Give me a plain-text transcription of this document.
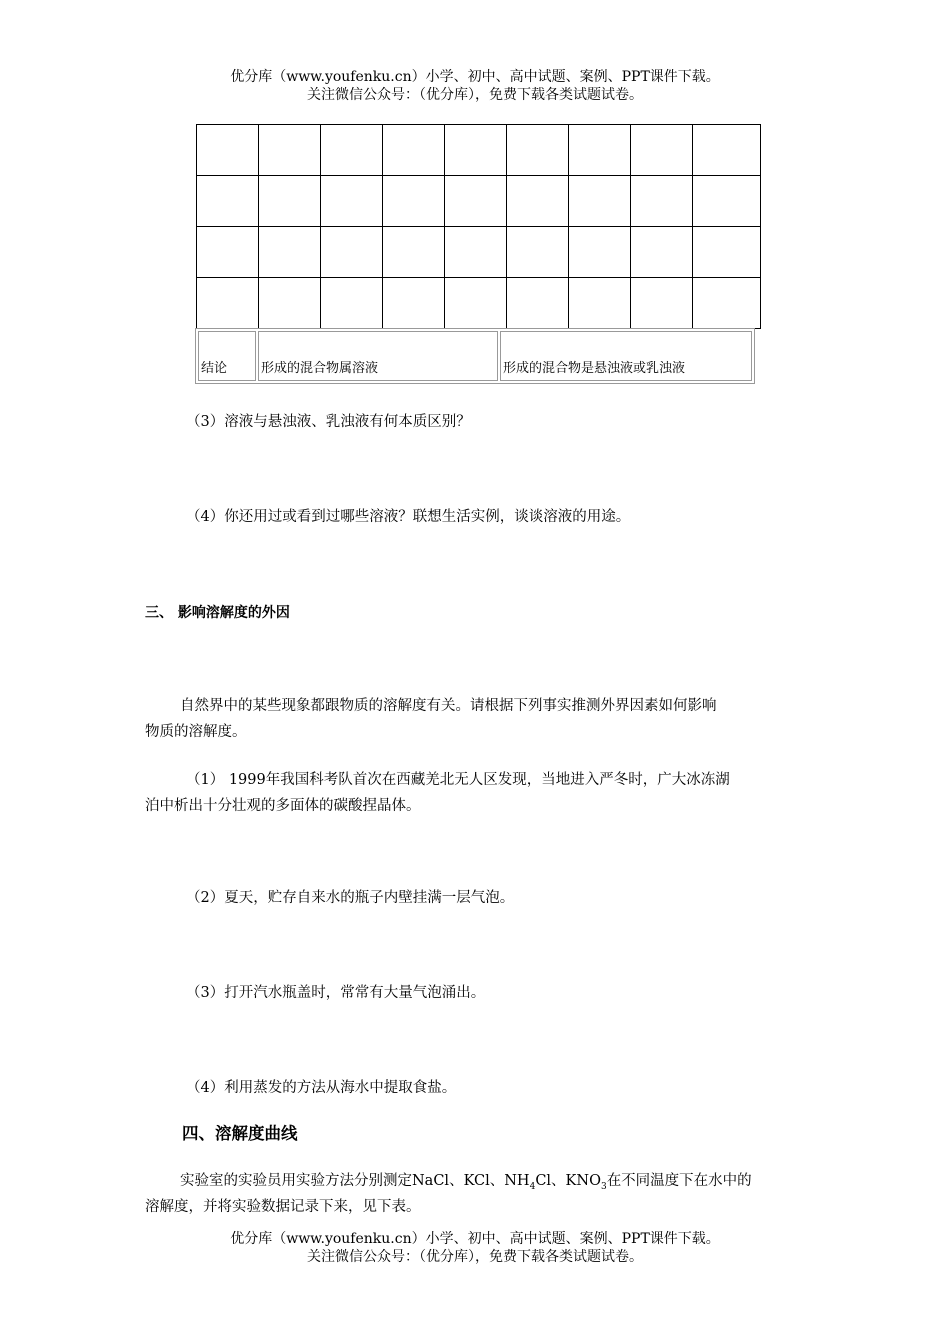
优分库（www.youfenku.cn）小学、初中、高中试题、案例、PPT课件下载。
关注微信公众号：（优分库），免费下载各类试题试卷。

结论	形成的混合物属溶液	形成的混合物是悬浊液或乳浊液

（3）溶液与悬浊液、乳浊液有何本质区别？

（4）你还用过或看到过哪些溶液？联想生活实例，谈谈溶液的用途。

三、 影响溶解度的外因

自然界中的某些现象都跟物质的溶解度有关。请根据下列事实推测外界因素如何影响

物质的溶解度。

（1） 1999年我国科考队首次在西藏羌北无人区发现，当地进入严冬时，广大冰冻湖

泊中析出十分壮观的多面体的碳酸捏晶体。

（2）夏天，贮存自来水的瓶子内壁挂满一层气泡。

（3）打开汽水瓶盖时，常常有大量气泡涌出。

（4）利用蒸发的方法从海水中提取食盐。

四、溶解度曲线

实验室的实验员用实验方法分别测定NaCl、KCl、$NH_4Cl$、$KNO_3$在不同温度下在水中的

溶解度，并将实验数据记录下来，见下表。

优分库（www.youfenku.cn）小学、初中、高中试题、案例、PPT课件下载。
关注微信公众号：（优分库），免费下载各类试题试卷。
